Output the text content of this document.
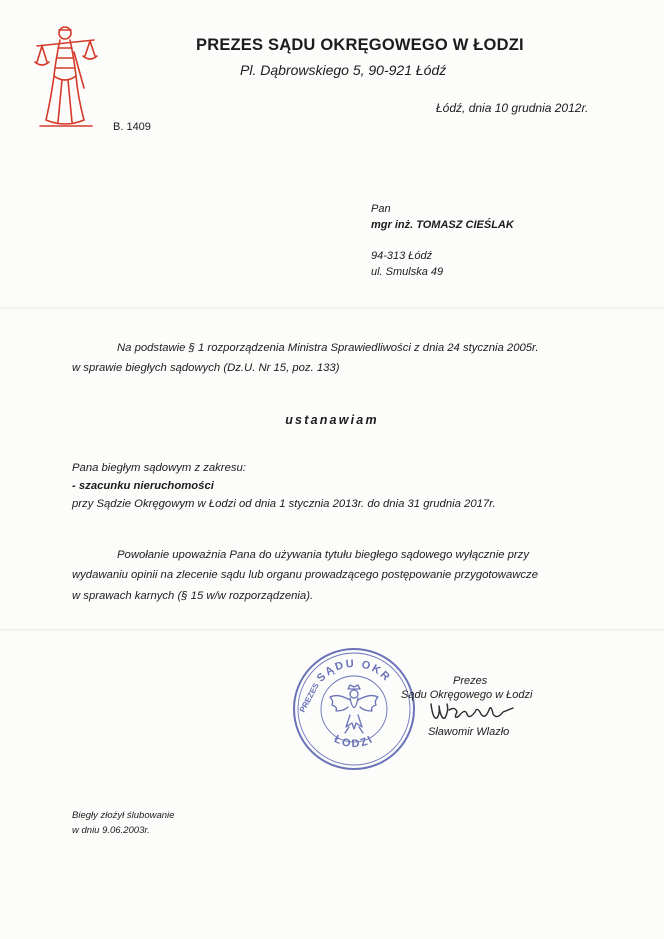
PREZES SĄDU OKRĘGOWEGO W ŁODZI
Pl. Dąbrowskiego 5, 90-921 Łódź
Łódź, dnia 10 grudnia 2012r.
B. 1409
Pan
mgr inż. TOMASZ CIEŚLAK
94-313 Łódź
ul. Smulska 49
Na podstawie § 1 rozporządzenia Ministra Sprawiedliwości z dnia 24 stycznia 2005r.
w sprawie biegłych sądowych (Dz.U. Nr 15, poz. 133)
ustanawiam
Pana biegłym sądowym z zakresu:
- szacunku nieruchomości
przy Sądzie Okręgowym w Łodzi od dnia 1 stycznia 2013r. do dnia 31 grudnia 2017r.
Powołanie upoważnia Pana do używania tytułu biegłego sądowego wyłącznie przy
wydawaniu opinii na zlecenie sądu lub organu prowadzącego postępowanie przygotowawcze
w sprawach karnych (§ 15 w/w rozporządzenia).
SĄDU OKR
PREZES
ŁODZI
Prezes
Sądu Okręgowego w Łodzi
Sławomir Wlazło
Biegły złożył ślubowanie
w dniu 9.06.2003r.
